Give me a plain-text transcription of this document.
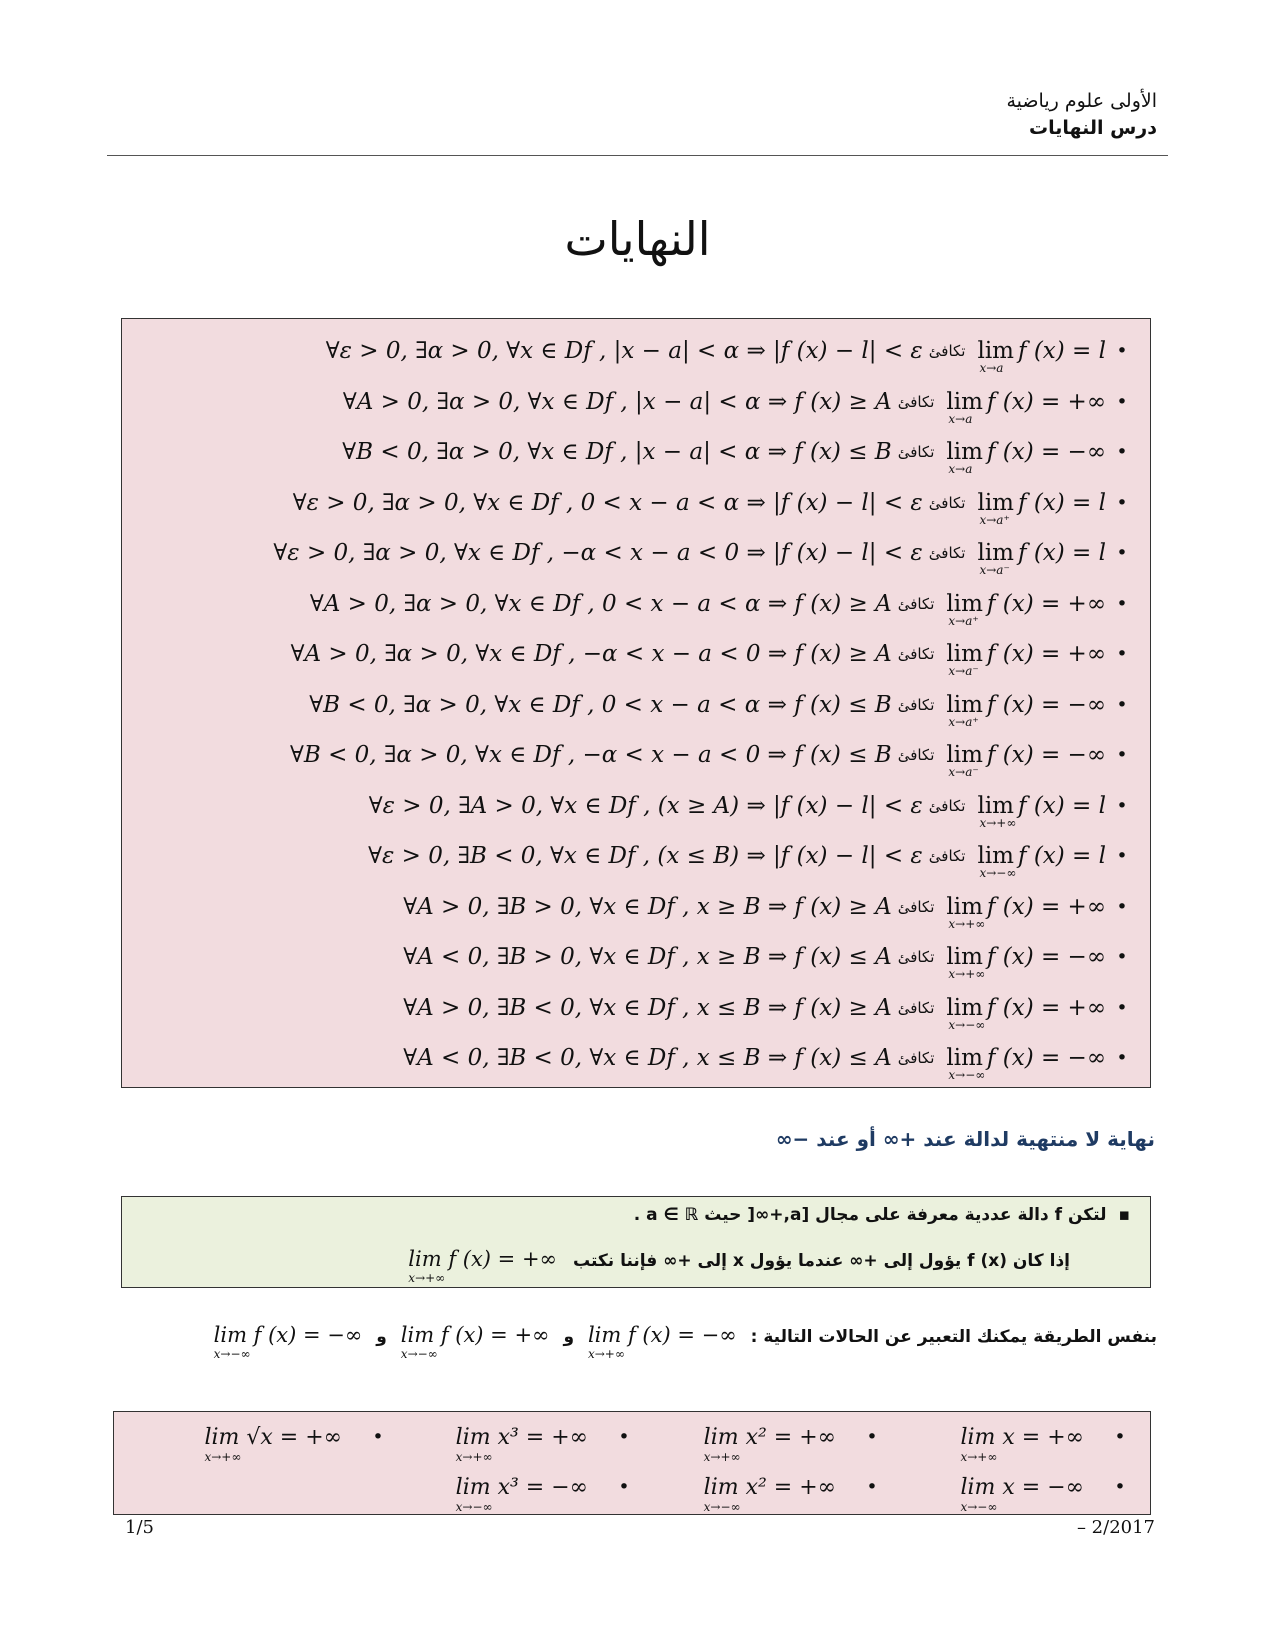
الأولى علوم رياضية
درس النهايات
النهايات
•
lim
x→a
f (x) = l
تكافئ
∀ε > 0, ∃α > 0, ∀x ∈ Df , |x − a| < α ⇒ |f (x) − l| < ε
•
lim
x→a
f (x) = +∞
تكافئ
∀A > 0, ∃α > 0, ∀x ∈ Df , |x − a| < α ⇒ f (x) ≥ A
•
lim
x→a
f (x) = −∞
تكافئ
∀B < 0, ∃α > 0, ∀x ∈ Df , |x − a| < α ⇒ f (x) ≤ B
•
lim
x→a⁺
f (x) = l
تكافئ
∀ε > 0, ∃α > 0, ∀x ∈ Df , 0 < x − a < α ⇒ |f (x) − l| < ε
•
lim
x→a⁻
f (x) = l
تكافئ
∀ε > 0, ∃α > 0, ∀x ∈ Df , −α < x − a < 0 ⇒ |f (x) − l| < ε
•
lim
x→a⁺
f (x) = +∞
تكافئ
∀A > 0, ∃α > 0, ∀x ∈ Df , 0 < x − a < α ⇒ f (x) ≥ A
•
lim
x→a⁻
f (x) = +∞
تكافئ
∀A > 0, ∃α > 0, ∀x ∈ Df , −α < x − a < 0 ⇒ f (x) ≥ A
•
lim
x→a⁺
f (x) = −∞
تكافئ
∀B < 0, ∃α > 0, ∀x ∈ Df , 0 < x − a < α ⇒ f (x) ≤ B
•
lim
x→a⁻
f (x) = −∞
تكافئ
∀B < 0, ∃α > 0, ∀x ∈ Df , −α < x − a < 0 ⇒ f (x) ≤ B
•
lim
x→+∞
f (x) = l
تكافئ
∀ε > 0, ∃A > 0, ∀x ∈ Df , (x ≥ A) ⇒ |f (x) − l| < ε
•
lim
x→−∞
f (x) = l
تكافئ
∀ε > 0, ∃B < 0, ∀x ∈ Df , (x ≤ B) ⇒ |f (x) − l| < ε
•
lim
x→+∞
f (x) = +∞
تكافئ
∀A > 0, ∃B > 0, ∀x ∈ Df , x ≥ B ⇒ f (x) ≥ A
•
lim
x→+∞
f (x) = −∞
تكافئ
∀A < 0, ∃B > 0, ∀x ∈ Df , x ≥ B ⇒ f (x) ≤ A
•
lim
x→−∞
f (x) = +∞
تكافئ
∀A > 0, ∃B < 0, ∀x ∈ Df , x ≤ B ⇒ f (x) ≥ A
•
lim
x→−∞
f (x) = −∞
تكافئ
∀A < 0, ∃B < 0, ∀x ∈ Df , x ≤ B ⇒ f (x) ≤ A
نهاية لا منتهية لدالة عند +∞ أو عند −∞
▪لتكن f دالة عددية معرفة على مجال [a,+∞[ حيث a ∈ ℝ .
إذا كان f (x) يؤول إلى +∞ عندما يؤول x إلى +∞ فإننا نكتب lim f (x) = +∞
x→+∞
بنفس الطريقة يمكنك التعبير عن الحالات التالية : lim f (x) = −∞
x→+∞
و lim f (x) = +∞
x→−∞
و lim f (x) = −∞
x→−∞
•
lim x = +∞
x→+∞
•
lim x² = +∞
x→+∞
•
lim x³ = +∞
x→+∞
•
lim √x = +∞
x→+∞
•
lim x = −∞
x→−∞
•
lim x² = +∞
x→−∞
•
lim x³ = −∞
x→−∞
1/5	– 2/2017
